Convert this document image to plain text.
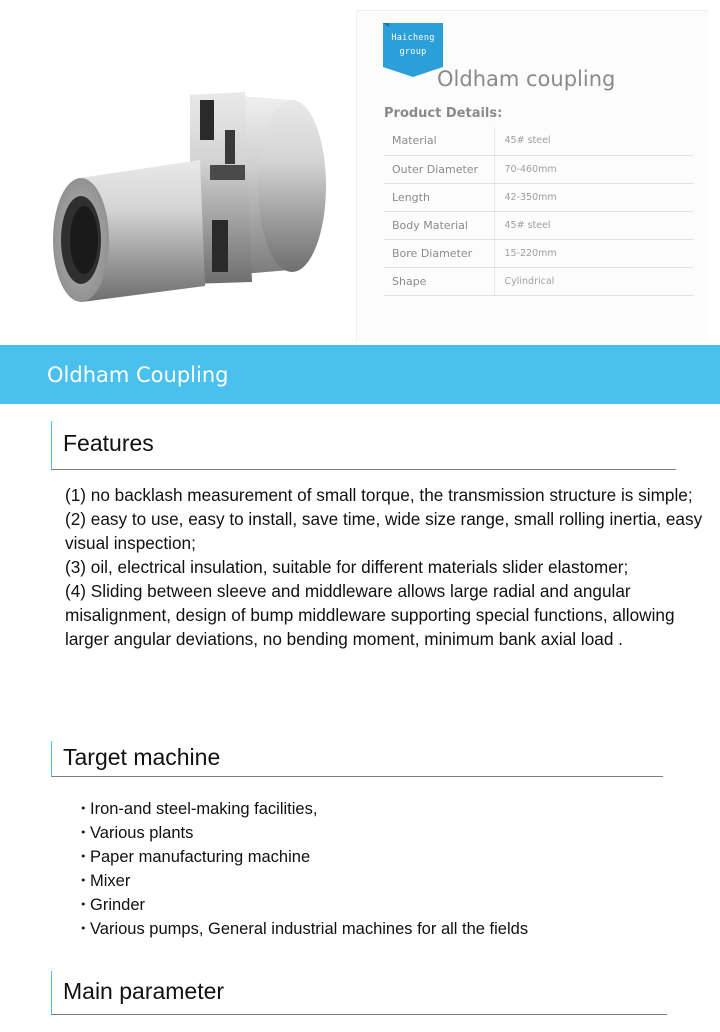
Haicheng
group
Oldham coupling
Product Details:
Material	45# steel
Outer Diameter	70-460mm
Length	42-350mm
Body Material	45# steel
Bore Diameter	15-220mm
Shape	Cylindrical
Oldham Coupling
Features

(1) no backlash measurement of small torque, the transmission structure is simple;

(2) easy to use, easy to install, save time, wide size range, small rolling inertia, easy visual inspection;

(3) oil, electrical insulation, suitable for different materials slider elastomer;

(4) Sliding between sleeve and middleware allows large radial and angular misalignment, design of bump middleware supporting special functions, allowing larger angular deviations, no bending moment, minimum bank axial load .

Target machine
・Iron-and steel-making facilities,
・Various plants
・Paper manufacturing machine
・Mixer
・Grinder
・Various pumps, General industrial machines for all the fields
Main parameter
